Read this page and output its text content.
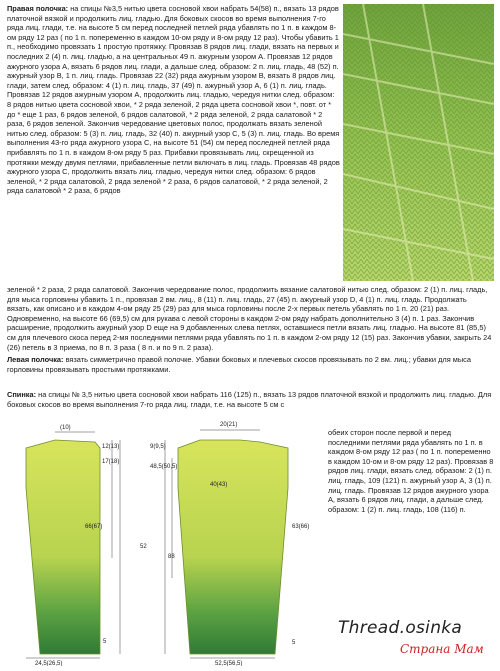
Правая полочка: на спицы №3,5 нитью цвета сосновой хвои набрать 54(58) п., вязать 13 рядов платочной вязкой и продолжить лиц. гладью. Для боковых скосов во время выполнения 7-го ряда лиц. глади, т.е. на высоте 5 см перед последней петлей ряда убавлять по 1 п. в каждом 8-ом ряду 12 раз ( по 1 п. попеременно в каждом 10-ом ряду и 8-ом ряду 12 раз). Чтобы убавить 1 п., необходимо провязать 1 простую протяжку. Провязав 8 рядов лиц. глади, вязать на первых и последних 2 (4) п. лиц. гладью, а на центральных 49 п. ажурным узором А. Провязав 12 рядов ажурного узора А, вязать 6 рядов лиц. глади, а дальше след. образом: 2 п. лиц. гладь, 48 (52) п. ажурный узор В, 1 п. лиц. гладь. Провязав 22 (32) ряда ажурным узором В, вязать 8 рядов лиц. глади, затем след. образом: 4 (1) п. лиц. гладь, 37 (49) п. ажурный узор А, 6 (1) п. лиц. гладь. Провязав 12 рядов ажурным узором А, продолжить лиц. гладью, чередуя нитки след. образом: 8 рядов нитью цвета сосновой хвои, * 2 ряда зеленой, 2 ряда цвета сосновой хвои *, повт. от * до * еще 1 раз, 6 рядов зеленой, 6 рядов салатовой, * 2 ряда зеленой, 2 ряда салатовой * 2 раза, 6 рядов зеленой. Закончив чередование цветовых полос, продолжать вязать зеленой нитью след. образом: 5 (3) п. лиц. гладь, 32 (40) п. ажурный узор С, 5 (3) п. лиц. гладь. Во время выполнения 43-го ряда ажурного узора С, на высоте 51 (54) см перед последней петлей ряда прибавлять по 1 п. в каждом 8-ом ряду 5 раз. Прибавки провязывать лиц. скрещенной из протяжки между двумя петлями, прибавленные петли включать в лиц. гладь. Провязав 48 рядов ажурного узора С, продолжить вязать лиц. гладью, чередуя нитки след. образом: 6 рядов зеленой, * 2 ряда салатовой, 2 ряда зеленой * 2 раза, 6 рядов салатовой, * 2 ряда зеленой, 2 ряда салатовой * 2 раза, 6 рядов
зеленой * 2 раза, 2 ряда салатовой. Закончив чередование полос, продолжить вязание салатовой нитью след. образом: 2 (1) п. лиц. гладь, для мыса горловины убавить 1 п., провязав 2 вм. лиц., 8 (11) п. лиц. гладь, 27 (45) п. ажурный узор D, 4 (1) п. лиц. гладь. Продолжать вязать, как описано и в каждом 4-ом ряду 25 (29) раз для мыса горловины после 2-х первых петель убавлять по 1 п. 20 (21) раз. Одновременно, на высоте 66 (69,5) см для рукава с левой стороны в каждом 2-ом ряду набрать дополнительно 3 (4) п. 1 раз. Закончив расширение, продолжить ажурный узор D еще на 9 добавленных слева петлях, оставшиеся петли вязать лиц. гладью. На высоте 81 (85,5) см для плечевого скоса перед 2-мя последними петлями ряда убавлять по 1 п. в каждом 2-ом ряду 12 (15) раз. Закончив убавки, закрыть 24 (26) петель в 3 приема, по 8 п. 3 раза ( 8 п. и по 9 п. 2 раза).
Левая полочка: вязать симметрично правой полочке. Убавки боковых и плечевых скосов провязывать по 2 вм. лиц.; убавки для мыса горловины провязывать простыми протяжками.
Спинка: на спицы № 3,5 нитью цвета сосновой хвои набрать 116 (125) п., вязать 13 рядов платочной вязкой и продолжить лиц. гладью. Для боковых скосов во время выполнения 7-го ряда лиц. глади, т.е. на высоте 5 см с
обеих сторон после первой и перед последними петлями ряда убавлять по 1 п. в каждом 8-ом ряду 12 раз ( по 1 п. попеременно в каждом 10-ом и 8-ом ряду 12 раз). Провязав 8 рядов лиц. глади, вязать след. образом: 2 (1) п. лиц. гладь, 109 (121) п. ажурный узор А, 3 (1) п. лиц. гладь. Провязав 12 рядов ажурного узора А, вязать 6 рядов лиц. глади, а дальше след. образом: 1 (2) п. лиц. гладь, 108 (116) п.
(10)
12(13)
17(18)
66(67)
5
24,5(26,5)
52
20(21)
9(9,5)
48,5(50,5)
40(43)
63(66)
5
52,5(56,5)
88
Thread.osinka
Страна Мам
